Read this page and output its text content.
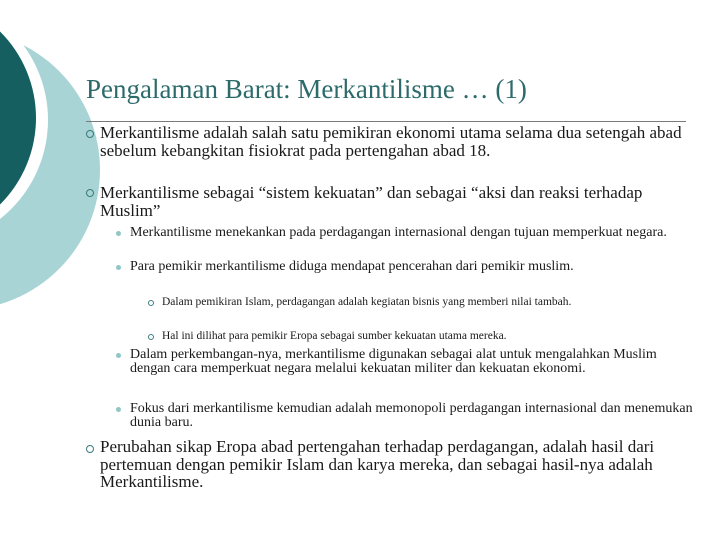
Pengalaman Barat: Merkantilisme … (1)
Merkantilisme adalah salah satu pemikiran ekonomi utama selama dua setengah abad sebelum kebangkitan fisiokrat pada pertengahan abad 18.
Merkantilisme sebagai “sistem kekuatan” dan sebagai “aksi dan reaksi terhadap Muslim”
Merkantilisme menekankan pada perdagangan internasional dengan tujuan memperkuat negara.
Para pemikir merkantilisme diduga mendapat pencerahan dari pemikir muslim.
Dalam pemikiran Islam, perdagangan adalah kegiatan bisnis yang memberi nilai tambah.
Hal ini dilihat para pemikir Eropa sebagai sumber kekuatan utama mereka.
Dalam perkembangan-nya, merkantilisme digunakan sebagai alat untuk mengalahkan Muslim dengan cara memperkuat negara melalui kekuatan militer dan kekuatan ekonomi.
Fokus dari merkantilisme kemudian adalah memonopoli perdagangan internasional dan menemukan dunia baru.
Perubahan sikap Eropa abad pertengahan terhadap perdagangan, adalah hasil dari pertemuan dengan pemikir Islam dan karya mereka, dan sebagai hasil-nya adalah Merkantilisme.
